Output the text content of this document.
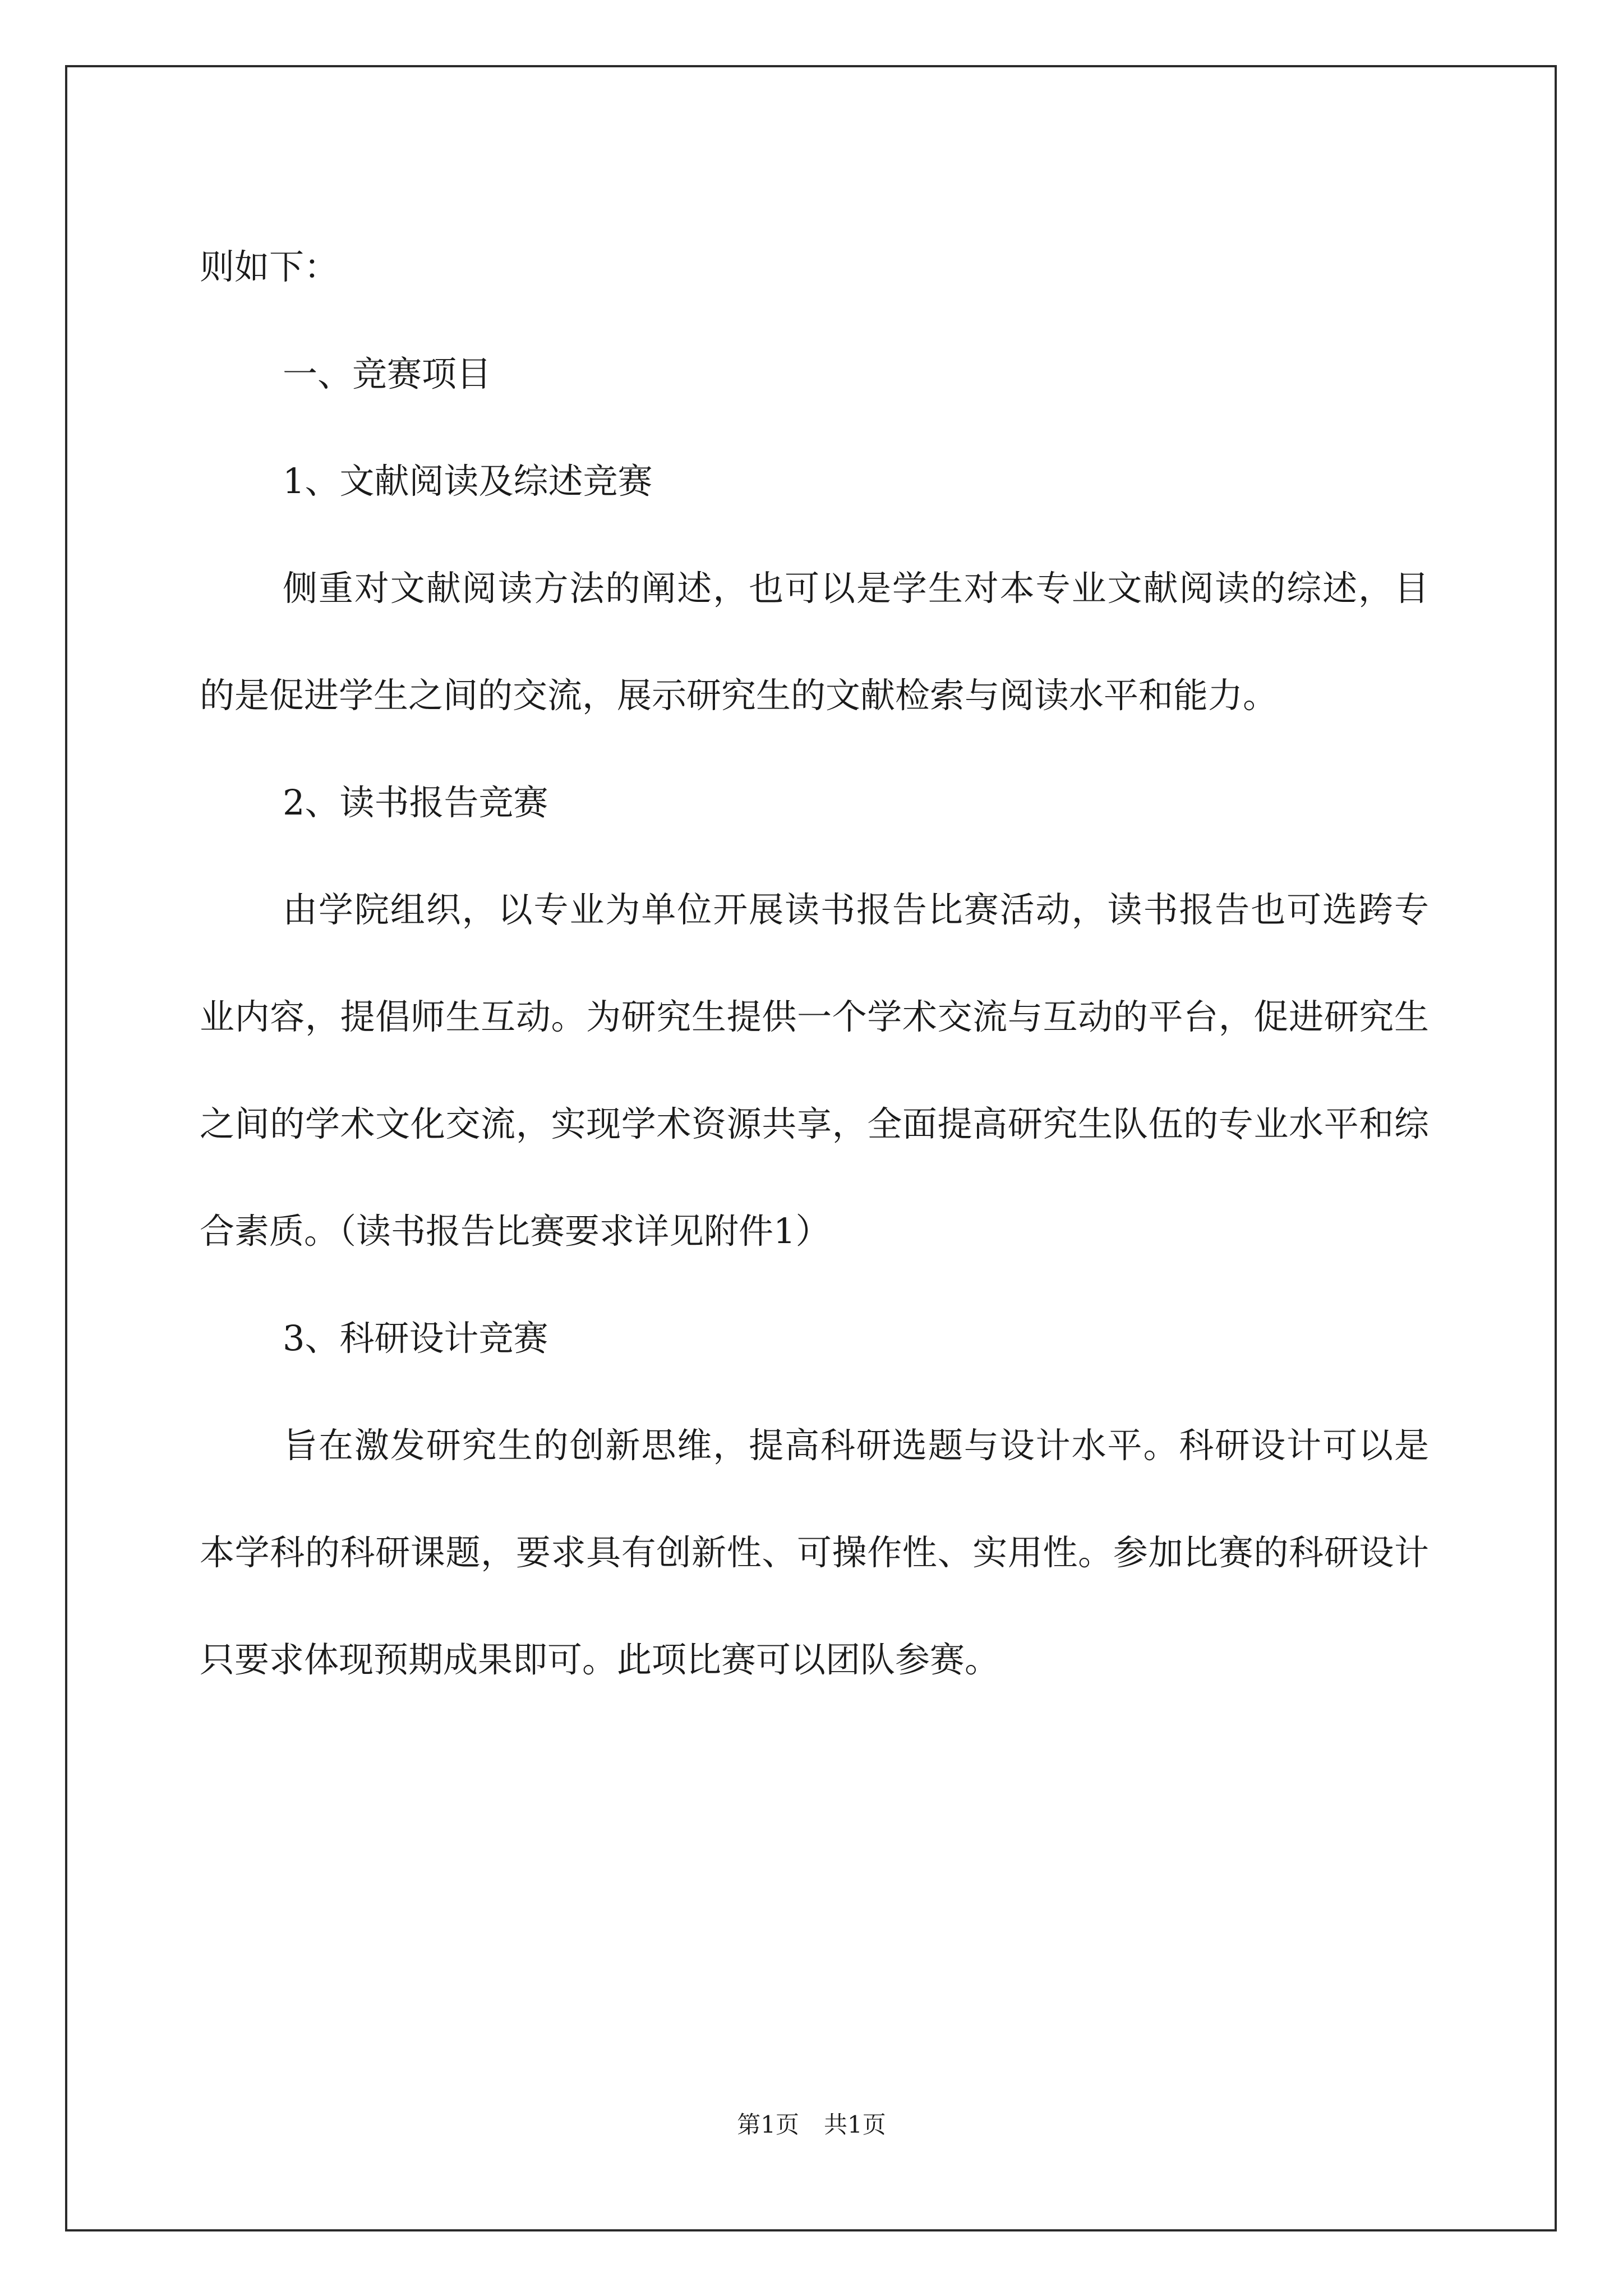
则如下：

一、竞赛项目

1、文献阅读及综述竞赛

侧重对文献阅读方法的阐述，也可以是学生对本专业文献阅读的综述，目的是促进学生之间的交流，展示研究生的文献检索与阅读水平和能力。

2、读书报告竞赛

由学院组织，以专业为单位开展读书报告比赛活动，读书报告也可选跨专业内容，提倡师生互动。为研究生提供一个学术交流与互动的平台，促进研究生之间的学术文化交流，实现学术资源共享，全面提高研究生队伍的专业水平和综合素质。（读书报告比赛要求详见附件1）

3、科研设计竞赛

旨在激发研究生的创新思维，提高科研选题与设计水平。科研设计可以是本学科的科研课题，要求具有创新性、可操作性、实用性。参加比赛的科研设计只要求体现预期成果即可。此项比赛可以团队参赛。

第1页 共1页
